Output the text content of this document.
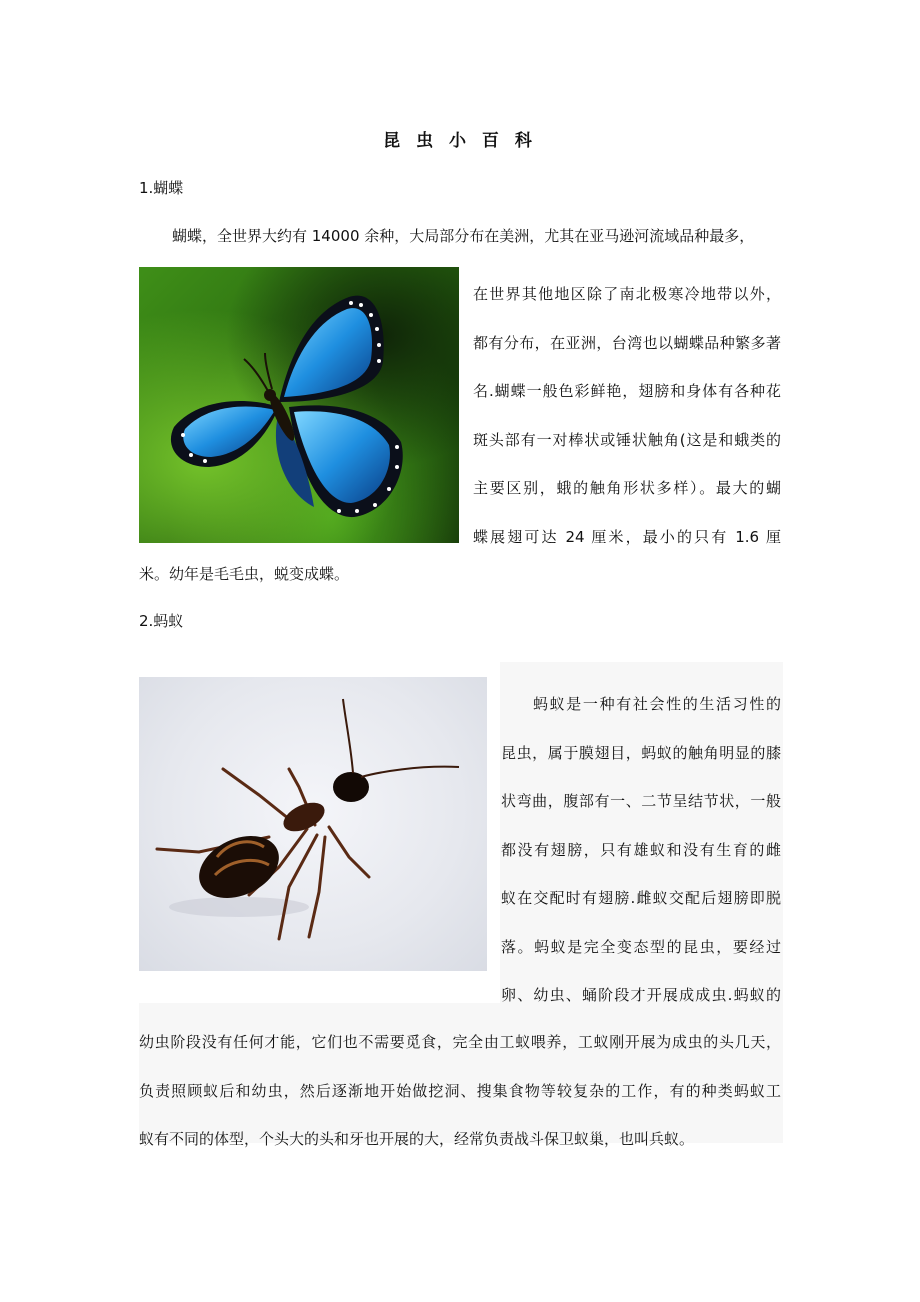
昆 虫 小 百 科
1.蝴蝶
蝴蝶，全世界大约有 14000 余种，大局部分布在美洲，尤其在亚马逊河流域品种最多，
在世界其他地区除了南北极寒冷地带以外，
都有分布，在亚洲，台湾也以蝴蝶品种繁多著
名.蝴蝶一般色彩鲜艳，翅膀和身体有各种花
斑头部有一对棒状或锤状触角(这是和蛾类的
主要区别，蛾的触角形状多样）。最大的蝴
蝶展翅可达 24 厘米，最小的只有 1.6 厘
米。幼年是毛毛虫，蜕变成蝶。
2.蚂蚁
蚂蚁是一种有社会性的生活习性的
昆虫，属于膜翅目，蚂蚁的触角明显的膝
状弯曲，腹部有一、二节呈结节状，一般
都没有翅膀，只有雄蚁和没有生育的雌
蚁在交配时有翅膀.雌蚁交配后翅膀即脱
落。蚂蚁是完全变态型的昆虫，要经过
卵、幼虫、蛹阶段才开展成成虫.蚂蚁的
幼虫阶段没有任何才能，它们也不需要觅食，完全由工蚁喂养，工蚁刚开展为成虫的头几天，
负责照顾蚁后和幼虫，然后逐渐地开始做挖洞、搜集食物等较复杂的工作，有的种类蚂蚁工
蚁有不同的体型，个头大的头和牙也开展的大，经常负责战斗保卫蚁巢，也叫兵蚁。
